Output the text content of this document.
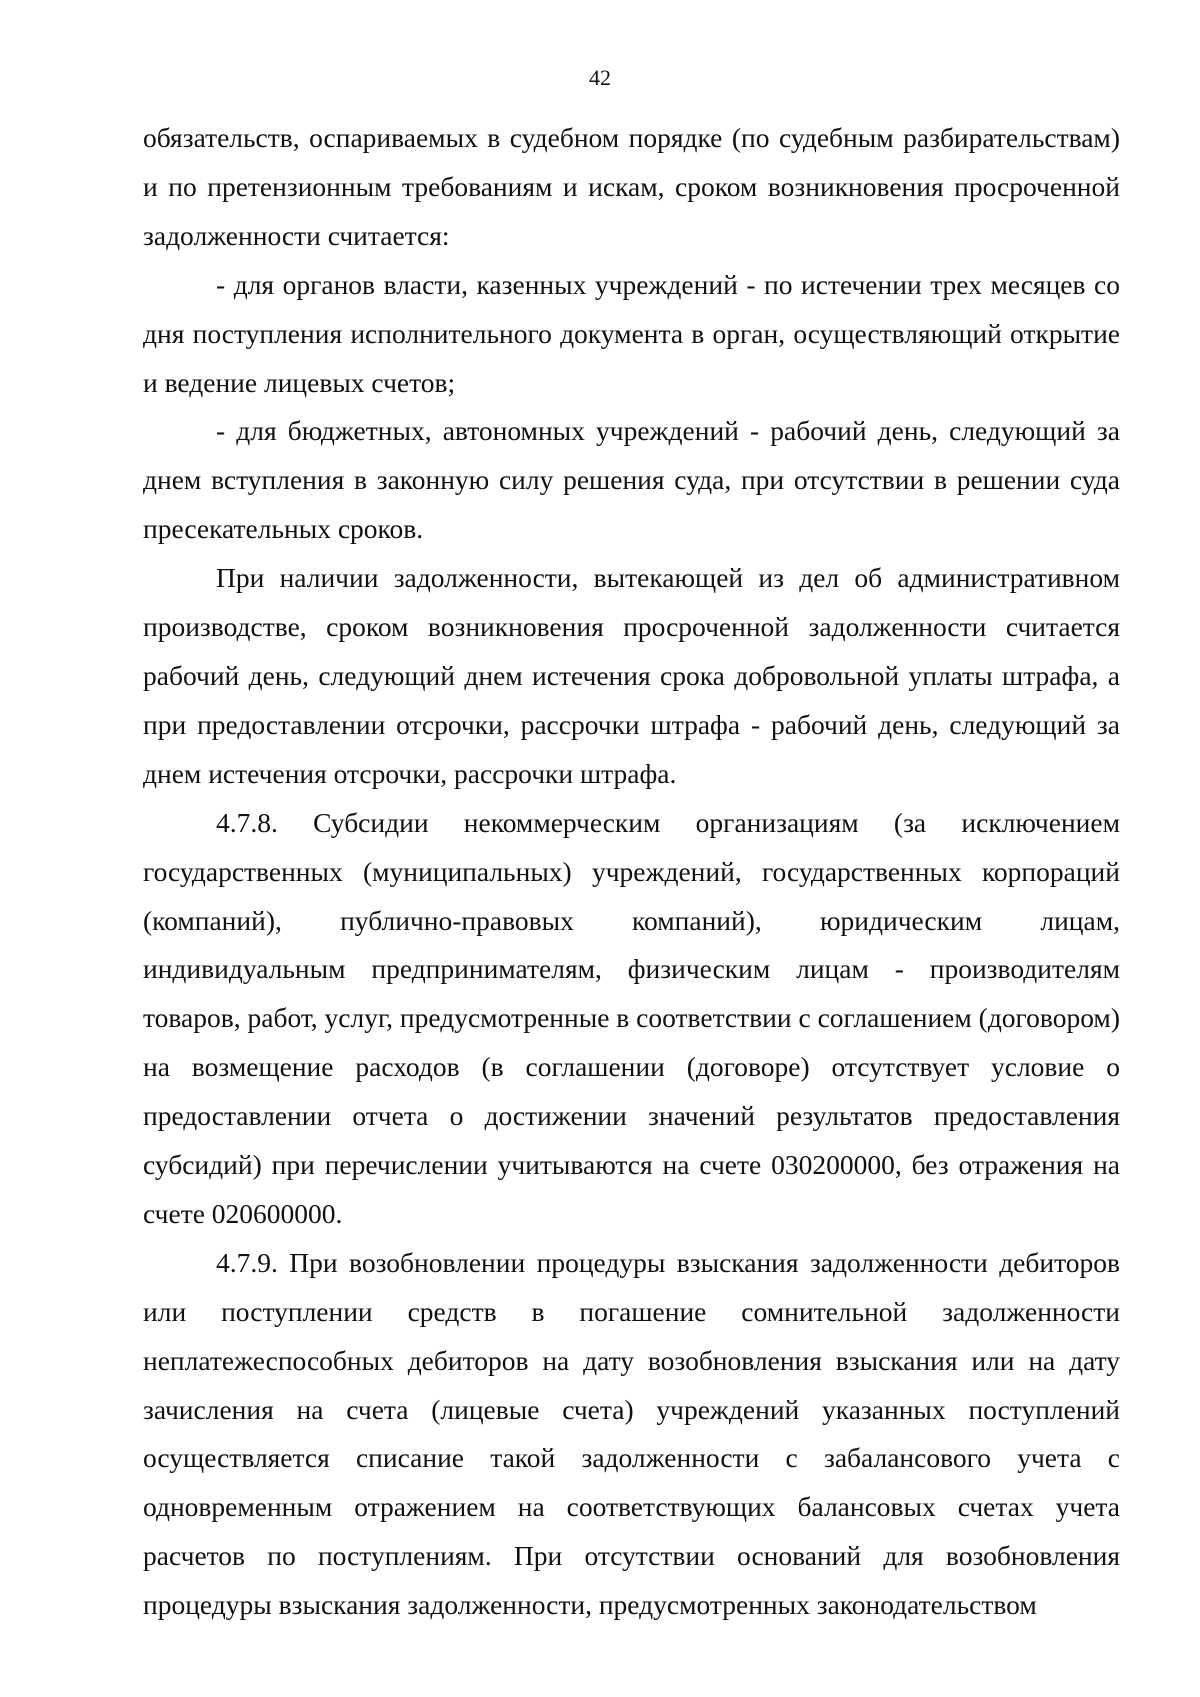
42

обязательств, оспариваемых в судебном порядке (по судебным разбирательствам) и по претензионным требованиям и искам, сроком возникновения просроченной задолженности считается:

- для органов власти, казенных учреждений - по истечении трех месяцев со дня поступления исполнительного документа в орган, осуществляющий открытие и ведение лицевых счетов;

- для бюджетных, автономных учреждений - рабочий день, следующий за днем вступления в законную силу решения суда, при отсутствии в решении суда пресекательных сроков.

При наличии задолженности, вытекающей из дел об административном производстве, сроком возникновения просроченной задолженности считается рабочий день, следующий днем истечения срока добровольной уплаты штрафа, а при предоставлении отсрочки, рассрочки штрафа - рабочий день, следующий за днем истечения отсрочки, рассрочки штрафа.

4.7.8. Субсидии некоммерческим организациям (за исключением государственных (муниципальных) учреждений, государственных корпораций (компаний), публично-правовых компаний), юридическим лицам, индивидуальным предпринимателям, физическим лицам - производителям товаров, работ, услуг, предусмотренные в соответствии с соглашением (договором) на возмещение расходов (в соглашении (договоре) отсутствует условие о предоставлении отчета о достижении значений результатов предоставления субсидий) при перечислении учитываются на счете 030200000, без отражения на счете 020600000.

4.7.9. При возобновлении процедуры взыскания задолженности дебиторов или поступлении средств в погашение сомнительной задолженности неплатежеспособных дебиторов на дату возобновления взыскания или на дату зачисления на счета (лицевые счета) учреждений указанных поступлений осуществляется списание такой задолженности с забалансового учета с одновременным отражением на соответствующих балансовых счетах учета расчетов по поступлениям. При отсутствии оснований для возобновления процедуры взыскания задолженности, предусмотренных законодательством
